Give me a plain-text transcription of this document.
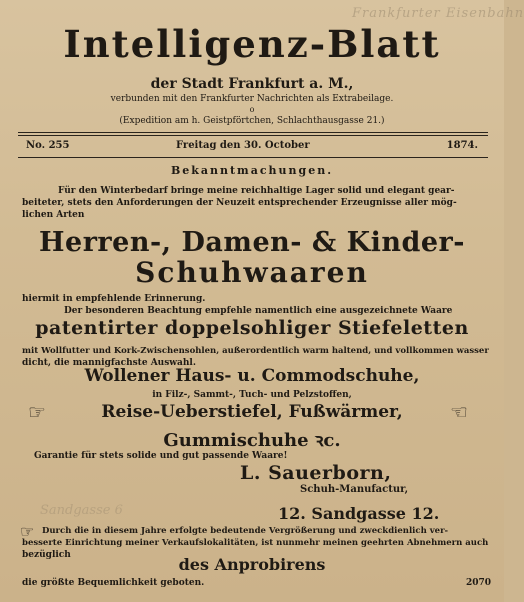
Frankfurter Eisenbahn
Sandgasse 6
Intelligenz-Blatt
der Stadt Frankfurt a. M.,
verbunden mit den Frankfurter Nachrichten als Extrabeilage.
o
(Expedition am h. Geistpförtchen, Schlachthausgasse 21.)
No. 255	Freitag den 30. October	1874.
Bekanntmachungen.
Für den Winterbedarf bringe meine reichhaltige Lager solid und elegant gear-
beiteter, stets den Anforderungen der Neuzeit entsprechender Erzeugnisse aller mög-
lichen Arten
Herren-, Damen- & Kinder-
Schuhwaaren
hiermit in empfehlende Erinnerung.
Der besonderen Beachtung empfehle namentlich eine ausgezeichnete Waare
patentirter doppelsohliger Stiefeletten
mit Wollfutter und Kork-Zwischensohlen, außerordentlich warm haltend, und vollkommen wasser
dicht, die mannigfachste Auswahl.
Wollener Haus- u. Commodschuhe,
in Filz-, Sammt-, Tuch- und Pelzstoffen,
☞	Reise-Ueberstiefel, Fußwärmer,	☜
Gummischuhe ꝛc.
Garantie für stets solide und gut passende Waare!
L. Sauerborn,
Schuh-Manufactur,
12. Sandgasse 12.
☞ Durch die in diesem Jahre erfolgte bedeutende Vergrößerung und zweckdienlich ver-
besserte Einrichtung meiner Verkaufslokalitäten, ist nunmehr meinen geehrten Abnehmern auch
bezüglich	des Anprobirens
die größte Bequemlichkeit geboten.	2070
